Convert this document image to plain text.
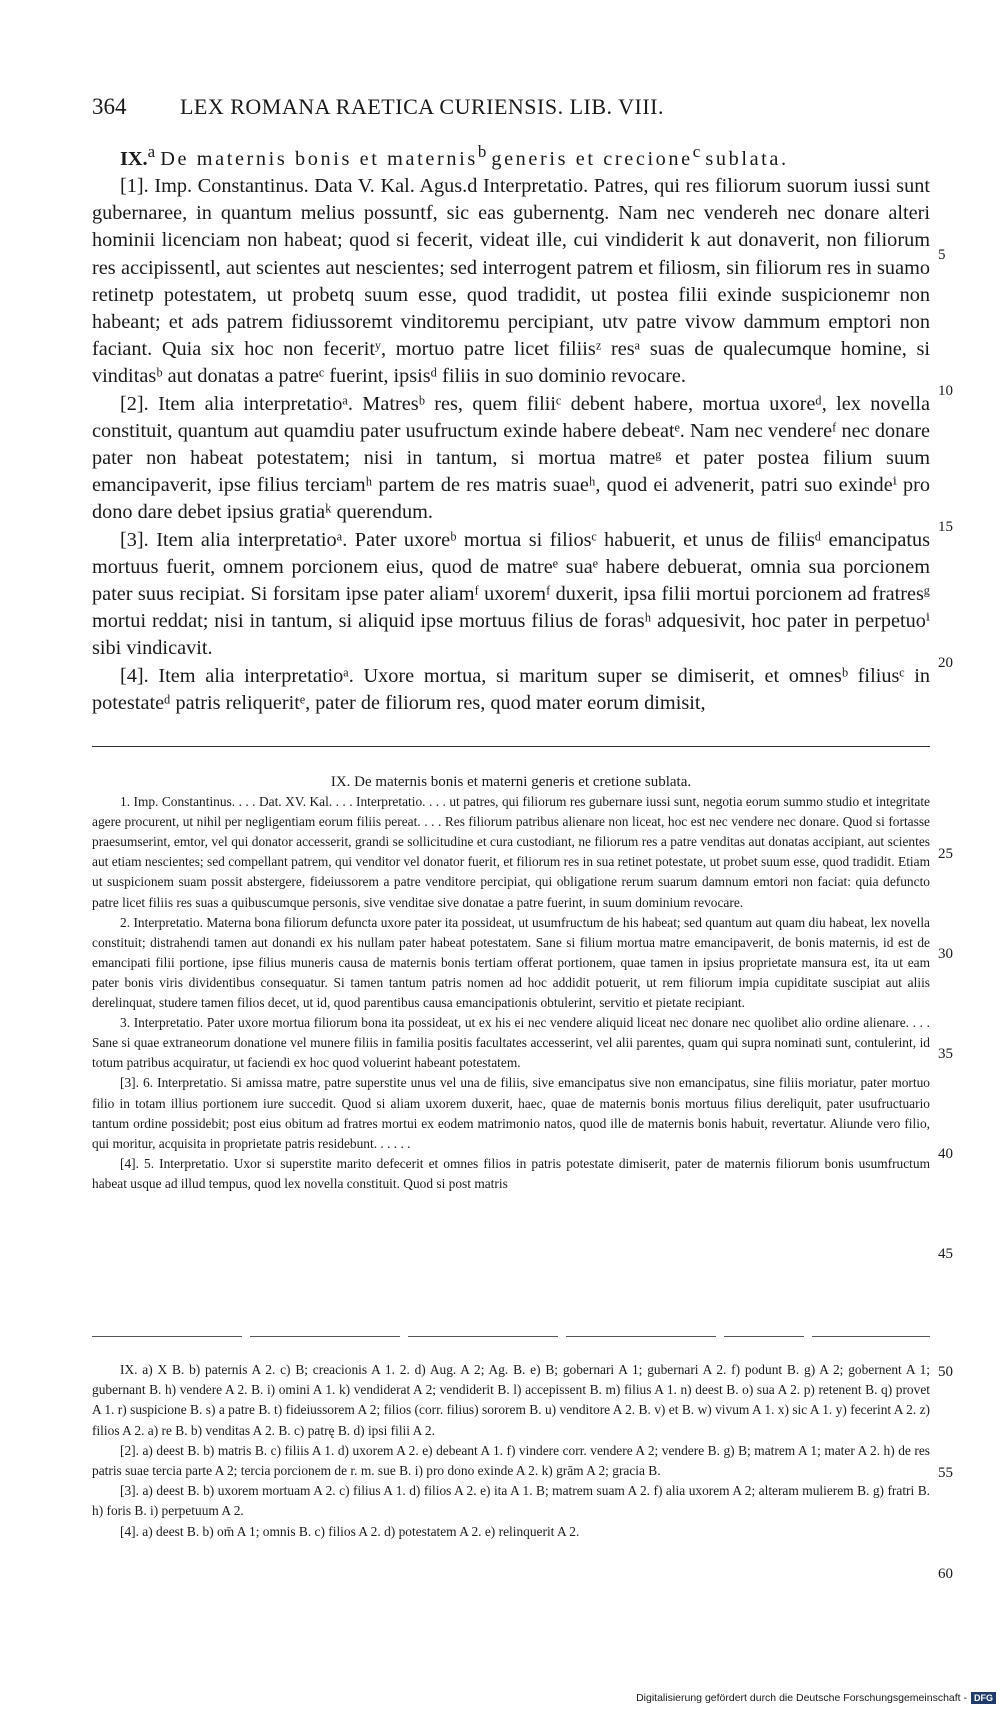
364	LEX ROMANA RAETICA CURIENSIS. LIB. VIII.

IX.$^a$ De maternis bonis et maternis$^b$ generis et crecione$^c$ sublata.

[1]. Imp. Constantinus. Data V. Kal. Agus.d Interpretatio. Patres, qui res filiorum suorum iussi sunt gubernaree, in quantum melius possuntf, sic eas gubernentg. Nam nec vendereh nec donare alteri hominii licenciam non habeat; quod si fecerit, videat ille, cui vindiderit k aut donaverit, non filiorum res accipissentl, aut scientes aut nescientes; sed interrogent patrem et filiosm, sin filiorum res in suamo retinetp potestatem, ut probetq suum esse, quod tradidit, ut postea filii exinde suspicionemr non habeant; et ads patrem fidiussoremt vinditoremu percipiant, utv patre vivow dammum emptori non faciant. Quia six hoc non feceritʸ, mortuo patre licet filiisᶻ resᵃ suas de qualecumque homine, si vinditasᵇ aut donatas a patreᶜ fuerint, ipsisᵈ filiis in suo dominio revocare.

[2]. Item alia interpretatioᵃ. Matresᵇ res, quem filiiᶜ debent habere, mortua uxoreᵈ, lex novella constituit, quantum aut quamdiu pater usufructum exinde habere debeatᵉ. Nam nec vendereᶠ nec donare pater non habeat potestatem; nisi in tantum, si mortua matreᵍ et pater postea filium suum emancipaverit, ipse filius terciamʰ partem de res matris suaeʰ, quod ei advenerit, patri suo exindeⁱ pro dono dare debet ipsius gratiaᵏ querendum.

[3]. Item alia interpretatioᵃ. Pater uxoreᵇ mortua si filiosᶜ habuerit, et unus de filiisᵈ emancipatus mortuus fuerit, omnem porcionem eius, quod de matreᵉ suaᵉ habere debuerat, omnia sua porcionem pater suus recipiat. Si forsitam ipse pater aliamᶠ uxoremᶠ duxerit, ipsa filii mortui porcionem ad fratresᵍ mortui reddat; nisi in tantum, si aliquid ipse mortuus filius de forasʰ adquesivit, hoc pater in perpetuoⁱ sibi vindicavit.

[4]. Item alia interpretatioᵃ. Uxore mortua, si maritum super se dimiserit, et omnesᵇ filiusᶜ in potestateᵈ patris reliqueritᵉ, pater de filiorum res, quod mater eorum dimisit,

5
10
15
20

IX. De maternis bonis et materni generis et cretione sublata.

1. Imp. Constantinus. . . . Dat. XV. Kal. . . . Interpretatio. . . . ut patres, qui filiorum res gubernare iussi sunt, negotia eorum summo studio et integritate agere procurent, ut nihil per negligentiam eorum filiis pereat. . . . Res filiorum patribus alienare non liceat, hoc est nec vendere nec donare. Quod si fortasse praesumserint, emtor, vel qui donator accesserit, grandi se sollicitudine et cura custodiant, ne filiorum res a patre venditas aut donatas accipiant, aut scientes aut etiam nescientes; sed compellant patrem, qui venditor vel donator fuerit, et filiorum res in sua retinet potestate, ut probet suum esse, quod tradidit. Etiam ut suspicionem suam possit abstergere, fideiussorem a patre venditore percipiat, qui obligatione rerum suarum damnum emtori non faciat: quia defuncto patre licet filiis res suas a quibuscumque personis, sive venditae sive donatae a patre fuerint, in suum dominium revocare.

2. Interpretatio. Materna bona filiorum defuncta uxore pater ita possideat, ut usumfructum de his habeat; sed quantum aut quam diu habeat, lex novella constituit; distrahendi tamen aut donandi ex his nullam pater habeat potestatem. Sane si filium mortua matre emancipaverit, de bonis maternis, id est de emancipati filii portione, ipse filius muneris causa de maternis bonis tertiam offerat portionem, quae tamen in ipsius proprietate mansura est, ita ut eam pater bonis viris dividentibus consequatur. Si tamen tantum patris nomen ad hoc addidit potuerit, ut rem filiorum impia cupiditate suscipiat aut aliis derelinquat, studere tamen filios decet, ut id, quod parentibus causa emancipationis obtulerint, servitio et pietate recipiant.

3. Interpretatio. Pater uxore mortua filiorum bona ita possideat, ut ex his ei nec vendere aliquid liceat nec donare nec quolibet alio ordine alienare. . . . Sane si quae extraneorum donatione vel munere filiis in familia positis facultates accesserint, vel alii parentes, quam qui supra nominati sunt, contulerint, id totum patribus acquiratur, ut faciendi ex hoc quod voluerint habeant potestatem.

[3]. 6. Interpretatio. Si amissa matre, patre superstite unus vel una de filiis, sive emancipatus sive non emancipatus, sine filiis moriatur, pater mortuo filio in totam illius portionem iure succedit. Quod si aliam uxorem duxerit, haec, quae de maternis bonis mortuus filius dereliquit, pater usufructuario tantum ordine possidebit; post eius obitum ad fratres mortui ex eodem matrimonio natos, quod ille de maternis bonis habuit, revertatur. Aliunde vero filio, qui moritur, acquisita in proprietate patris residebunt. . . . . .

[4]. 5. Interpretatio. Uxor si superstite marito defecerit et omnes filios in patris potestate dimiserit, pater de maternis filiorum bonis usumfructum habeat usque ad illud tempus, quod lex novella constituit. Quod si post matris

25
30
35
40
45

IX. a) X B. b) paternis A 2. c) B; creacionis A 1. 2. d) Aug. A 2; Ag. B. e) B; gobernari A 1; gubernari A 2. f) podunt B. g) A 2; gobernent A 1; gubernant B. h) vendere A 2. B. i) omini A 1. k) vendiderat A 2; vendiderit B. l) accepissent B. m) filius A 1. n) deest B. o) sua A 2. p) retenent B. q) provet A 1. r) suspicione B. s) a patre B. t) fideiussorem A 2; filios (corr. filius) sororem B. u) venditore A 2. B. v) et B. w) vivum A 1. x) sic A 1. y) fecerint A 2. z) filios A 2. a) re B. b) venditas A 2. B. c) patrę B. d) ipsi filii A 2.

[2]. a) deest B. b) matris B. c) filiis A 1. d) uxorem A 2. e) debeant A 1. f) vindere corr. vendere A 2; vendere B. g) B; matrem A 1; mater A 2. h) de res patris suae tercia parte A 2; tercia porcionem de r. m. sue B. i) pro dono exinde A 2. k) grām A 2; gracia B.

[3]. a) deest B. b) uxorem mortuam A 2. c) filius A 1. d) filios A 2. e) ita A 1. B; matrem suam A 2. f) alia uxorem A 2; alteram mulierem B. g) fratri B. h) foris B. i) perpetuum A 2.

[4]. a) deest B. b) om̄ A 1; omnis B. c) filios A 2. d) potestatem A 2. e) relinquerit A 2.

50
55
60
Digitalisierung gefördert durch die Deutsche Forschungsgemeinschaft - DFG
